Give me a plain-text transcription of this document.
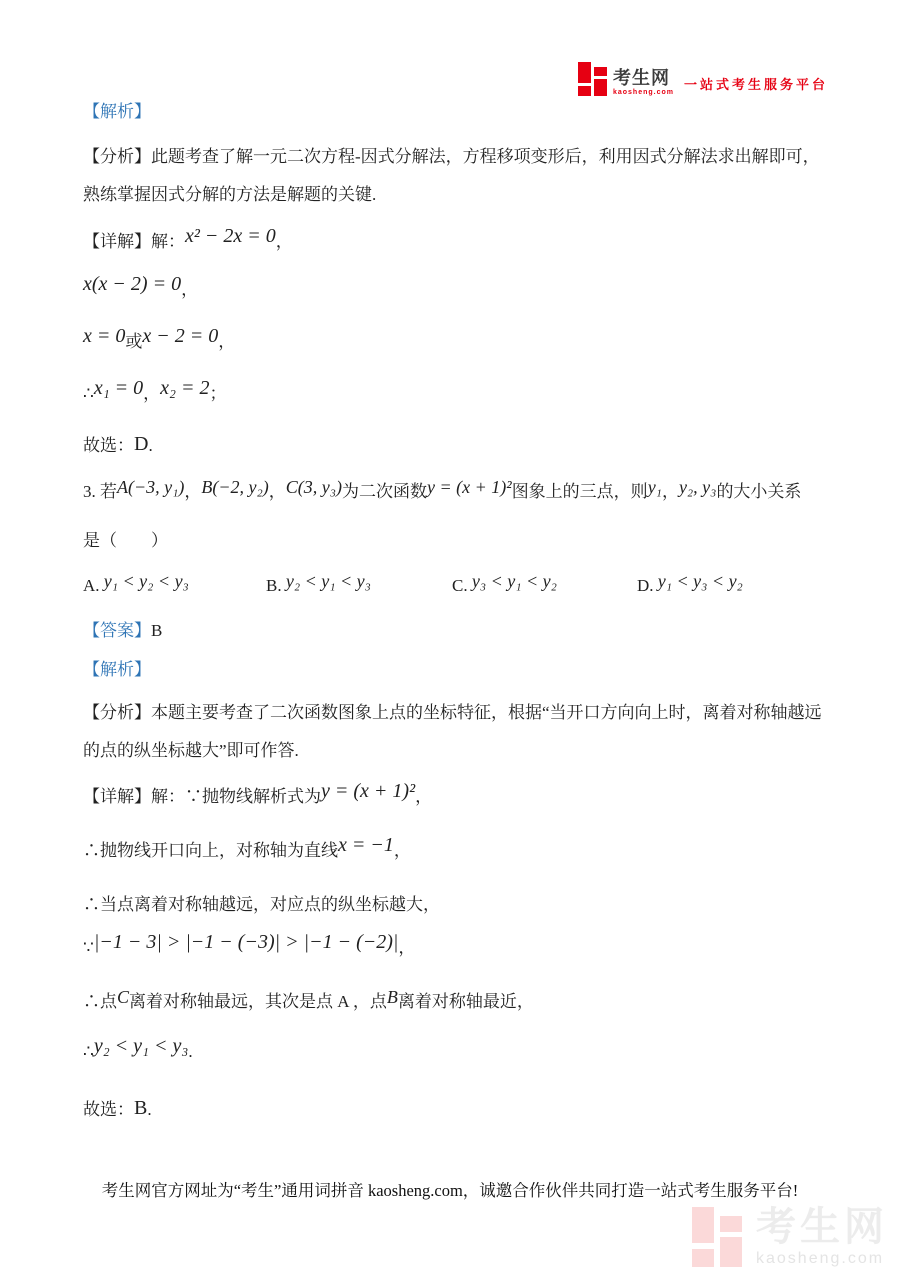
考生网
kaosheng.com
一站式考生服务平台
【解析】
【分析】此题考查了解一元二次方程-因式分解法，方程移项变形后，利用因式分解法求出解即可，熟练掌握因式分解的方法是解题的关键.
【详解】解：x² − 2x = 0，
x(x − 2) = 0，
x = 0或x − 2 = 0，
∴x₁ = 0，x₂ = 2；
故选：D.
3. 若A(−3, y₁)，B(−2, y₂)，C(3, y₃)为二次函数y = (x + 1)²图象上的三点，则y₁，y₂, y₃的大小关系
是（　　）
A. y₁ < y₂ < y₃	B. y₂ < y₁ < y₃	C. y₃ < y₁ < y₂	D. y₁ < y₃ < y₂
【答案】B
【解析】
【分析】本题主要考查了二次函数图象上点的坐标特征，根据“当开口方向向上时，离着对称轴越远的点的纵坐标越大”即可作答.
【详解】解：∵抛物线解析式为y = (x + 1)²，
∴抛物线开口向上，对称轴为直线x = −1，
∴当点离着对称轴越远，对应点的纵坐标越大，
∵|−1 − 3| > |−1 − (−3)| > |−1 − (−2)|，
∴点C离着对称轴最远，其次是点 A ，点B离着对称轴最近，
∴y₂ < y₁ < y₃.
故选：B.
考生网官方网址为“考生”通用词拼音 kaosheng.com，诚邀合作伙伴共同打造一站式考生服务平台!
考生网
kaosheng.com
